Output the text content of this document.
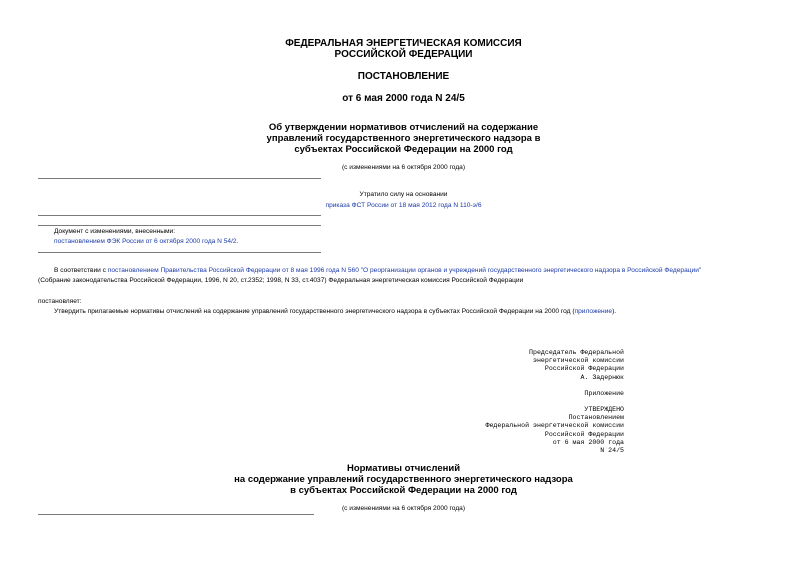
ФЕДЕРАЛЬНАЯ ЭНЕРГЕТИЧЕСКАЯ КОМИССИЯ
РОССИЙСКОЙ ФЕДЕРАЦИИ
ПОСТАНОВЛЕНИЕ
от 6 мая 2000 года N 24/5
Об утверждении нормативов отчислений на содержание
управлений государственного энергетического надзора в
субъектах Российской Федерации на 2000 год
(с изменениями на 6 октября 2000 года)
Утратило силу на основании
приказа ФСТ России от 18 мая 2012 года N 110-э/6
Документ с изменениями, внесенными:
постановлением ФЭК России от 6 октября 2000 года N 54/2.
В соответствии с постановлением Правительства Российской Федерации от 8 мая 1996 года N 560 "О реорганизации органов и учреждений государственного энергетического надзора в Российской Федерации"
(Собрание законодательства Российской Федерации, 1996, N 20, ст.2352; 1998, N 33, ст.4037) Федеральная энергетическая комиссия Российской Федерации
постановляет:
Утвердить прилагаемые нормативы отчислений на содержание управлений государственного энергетического надзора в субъектах Российской Федерации на 2000 год (приложение).
Председатель Федеральной
энергетической комиссии
Российской Федерации
А. Задернюк
Приложение
УТВЕРЖДЕНО
Постановлением
Федеральной энергетической комиссии
Российской Федерации
от 6 мая 2000 года
N 24/5
Нормативы отчислений
на содержание управлений государственного энергетического надзора
в субъектах Российской Федерации на 2000 год
(с изменениями на 6 октября 2000 года)
